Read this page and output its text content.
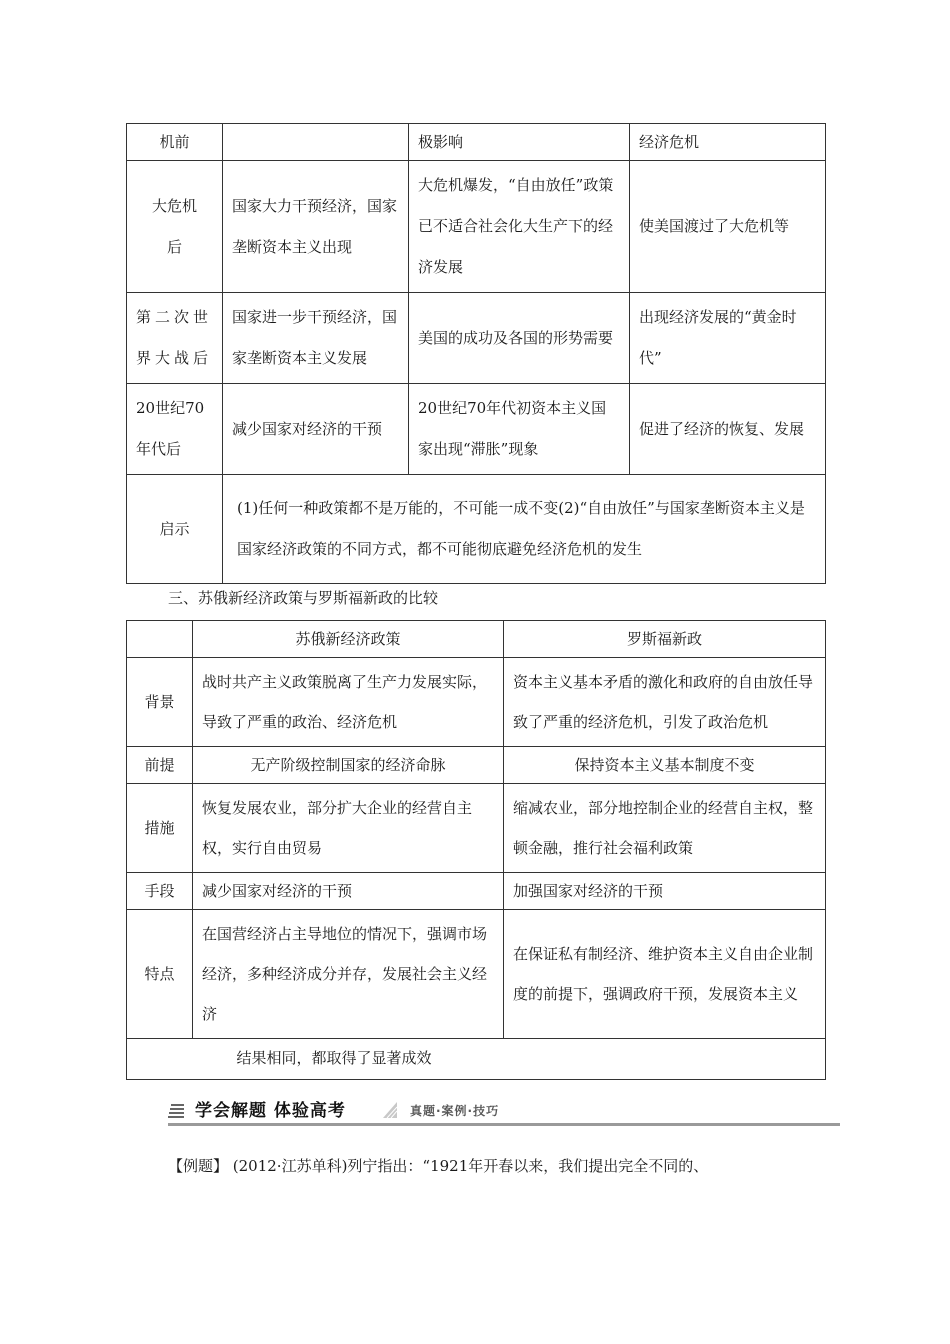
机前		极影响	经济危机
大危机后	国家大力干预经济，国家垄断资本主义出现	大危机爆发，“自由放任”政策已不适合社会化大生产下的经济发展	使美国渡过了大危机等
第二次世界大战后	国家进一步干预经济，国家垄断资本主义发展	美国的成功及各国的形势需要	出现经济发展的“黄金时代”
20世纪70年代后	减少国家对经济的干预	20世纪70年代初资本主义国家出现“滞胀”现象	促进了经济的恢复、发展
启示	(1)任何一种政策都不是万能的，不可能一成不变(2)“自由放任”与国家垄断资本主义是国家经济政策的不同方式，都不可能彻底避免经济危机的发生		
三、苏俄新经济政策与罗斯福新政的比较
	苏俄新经济政策	罗斯福新政
背景	战时共产主义政策脱离了生产力发展实际，导致了严重的政治、经济危机	资本主义基本矛盾的激化和政府的自由放任导致了严重的经济危机，引发了政治危机
前提	无产阶级控制国家的经济命脉	保持资本主义基本制度不变
措施	恢复发展农业，部分扩大企业的经营自主权，实行自由贸易	缩减农业，部分地控制企业的经营自主权，整顿金融，推行社会福利政策
手段	减少国家对经济的干预	加强国家对经济的干预
特点	在国营经济占主导地位的情况下，强调市场经济，多种经济成分并存，发展社会主义经济	在保证私有制经济、维护资本主义自由企业制度的前提下，强调政府干预，发展资本主义
	结果相同，都取得了显著成效	
学会解题 体验高考	真题·案例·技巧
【例题】 (2012·江苏单科)列宁指出：“1921年开春以来，我们提出完全不同的、
